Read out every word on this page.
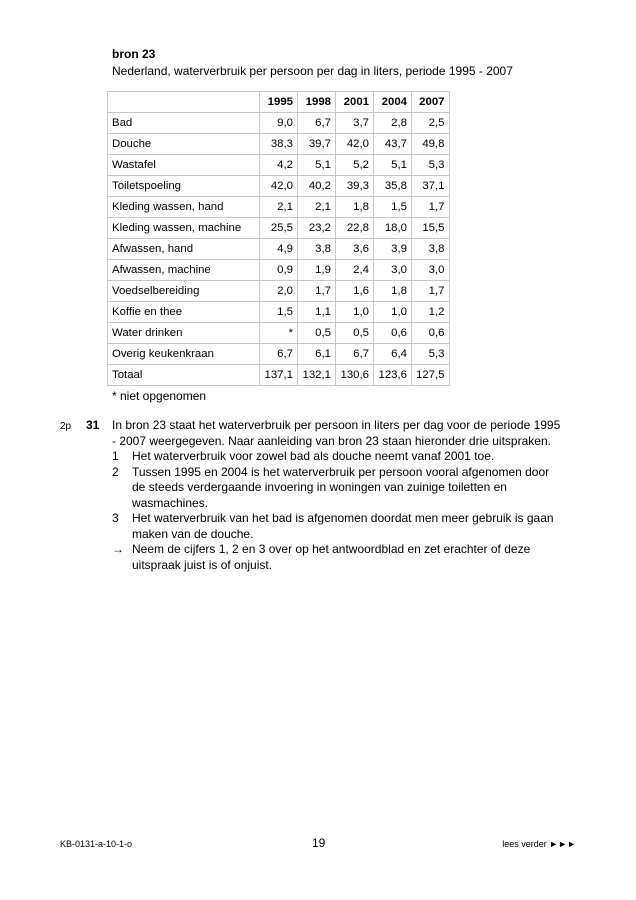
bron 23
Nederland, waterverbruik per persoon per dag in liters, periode 1995 - 2007
	1995	1998	2001	2004	2007
Bad	9,0	6,7	3,7	2,8	2,5
Douche	38,3	39,7	42,0	43,7	49,8
Wastafel	4,2	5,1	5,2	5,1	5,3
Toiletspoeling	42,0	40,2	39,3	35,8	37,1
Kleding wassen, hand	2,1	2,1	1,8	1,5	1,7
Kleding wassen, machine	25,5	23,2	22,8	18,0	15,5
Afwassen, hand	4,9	3,8	3,6	3,9	3,8
Afwassen, machine	0,9	1,9	2,4	3,0	3,0
Voedselbereiding	2,0	1,7	1,6	1,8	1,7
Koffie en thee	1,5	1,1	1,0	1,0	1,2
Water drinken	*	0,5	0,5	0,6	0,6
Overig keukenkraan	6,7	6,1	6,7	6,4	5,3
Totaal	137,1	132,1	130,6	123,6	127,5
* niet opgenomen
2p 31 In bron 23 staat het waterverbruik per persoon in liters per dag voor de periode 1995 - 2007 weergegeven. Naar aanleiding van bron 23 staan hieronder drie uitspraken.

1	Het waterverbruik voor zowel bad als douche neemt vanaf 2001 toe.
2	Tussen 1995 en 2004 is het waterverbruik per persoon vooral afgenomen door de steeds verdergaande invoering in woningen van zuinige toiletten en wasmachines.
3	Het waterverbruik van het bad is afgenomen doordat men meer gebruik is gaan maken van de douche.
→ Neem de cijfers 1, 2 en 3 over op het antwoordblad en zet erachter of deze uitspraak juist is of onjuist.
KB-0131-a-10-1-o	19	lees verder ►►►
